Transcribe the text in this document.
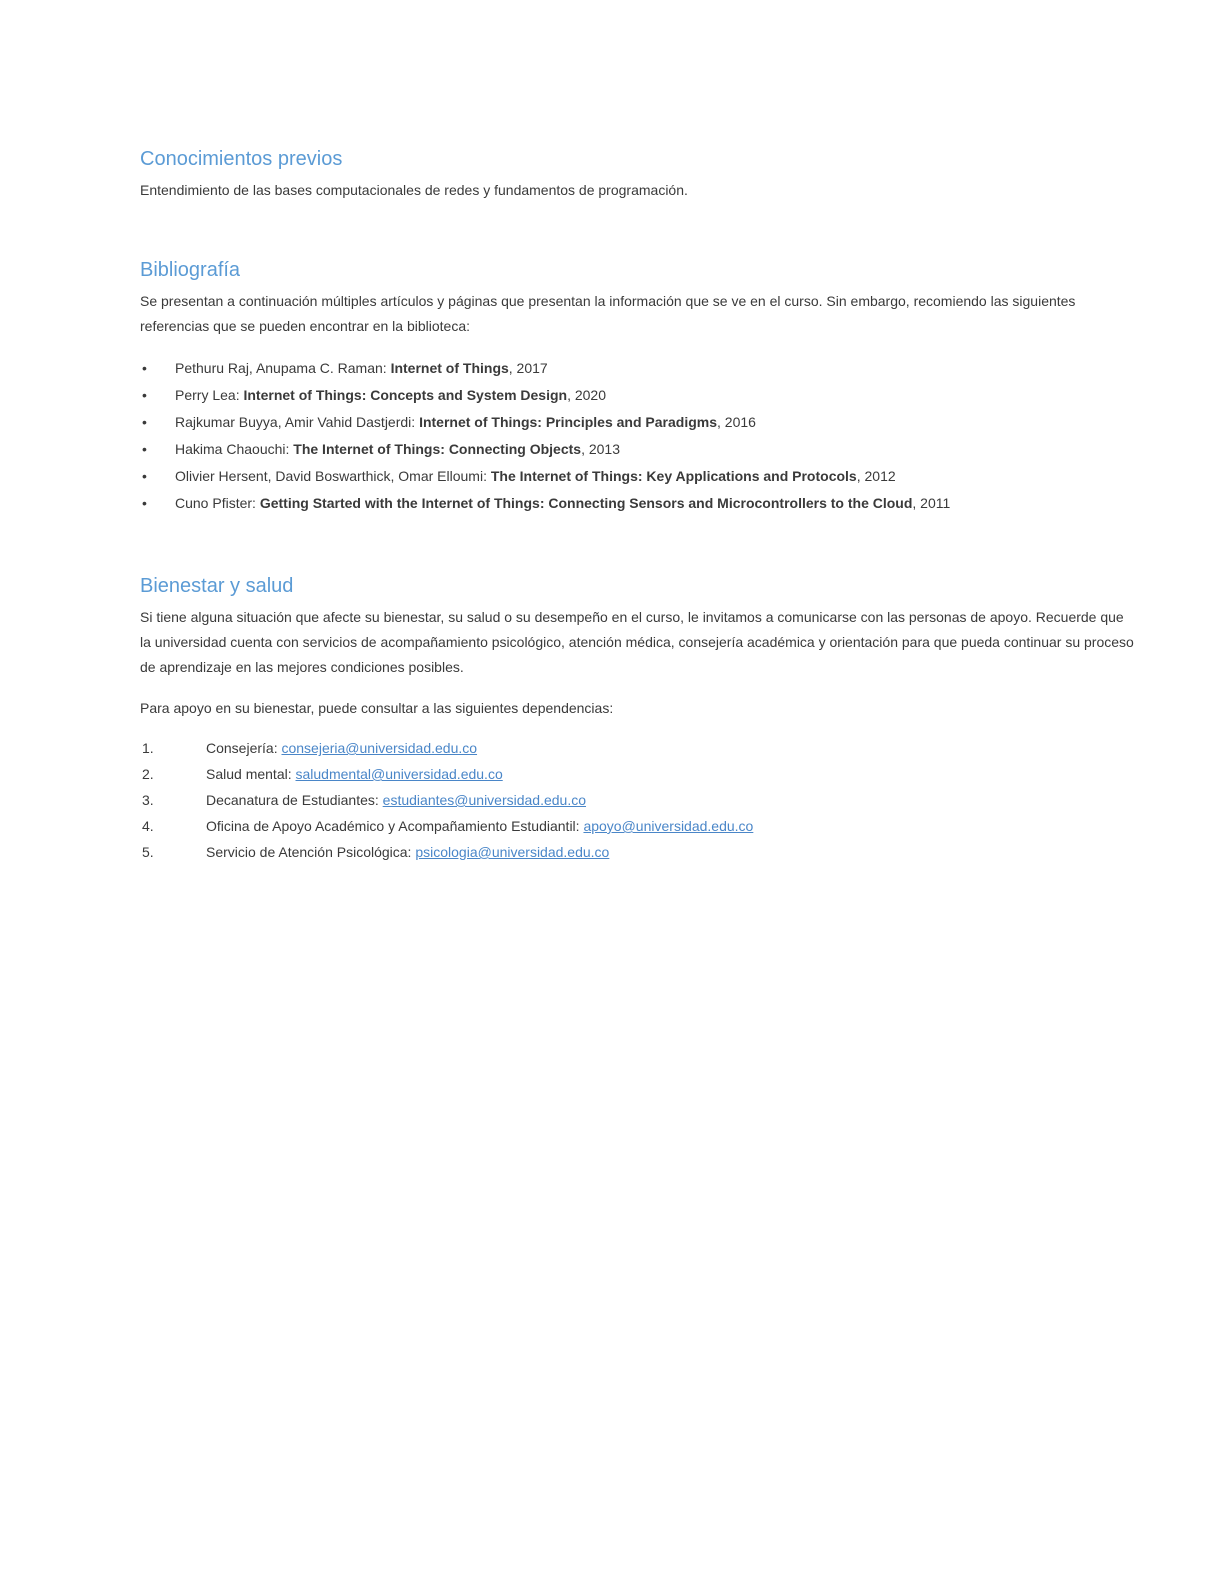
Conocimientos previos

Entendimiento de las bases computacionales de redes y fundamentos de programación.

Bibliografía

Se presentan a continuación múltiples artículos y páginas que presentan la información que se ve en el curso. Sin embargo, recomiendo las siguientes referencias que se pueden encontrar en la biblioteca:

• Pethuru Raj, Anupama C. Raman: Internet of Things, 2017
• Perry Lea: Internet of Things: Concepts and System Design, 2020
• Rajkumar Buyya, Amir Vahid Dastjerdi: Internet of Things: Principles and Paradigms, 2016
• Hakima Chaouchi: The Internet of Things: Connecting Objects, 2013
• Olivier Hersent, David Boswarthick, Omar Elloumi: The Internet of Things: Key Applications and Protocols, 2012
• Cuno Pfister: Getting Started with the Internet of Things: Connecting Sensors and Microcontrollers to the Cloud, 2011
Bienestar y salud

Si tiene alguna situación que afecte su bienestar, su salud o su desempeño en el curso, le invitamos a comunicarse con las personas de apoyo. Recuerde que la universidad cuenta con servicios de acompañamiento psicológico, atención médica, consejería académica y orientación para que pueda continuar su proceso de aprendizaje en las mejores condiciones posibles.

Para apoyo en su bienestar, puede consultar a las siguientes dependencias:

1.	Consejería: consejeria@universidad.edu.co
2.	Salud mental: saludmental@universidad.edu.co
3.	Decanatura de Estudiantes: estudiantes@universidad.edu.co
4.	Oficina de Apoyo Académico y Acompañamiento Estudiantil: apoyo@universidad.edu.co
5.	Servicio de Atención Psicológica: psicologia@universidad.edu.co
